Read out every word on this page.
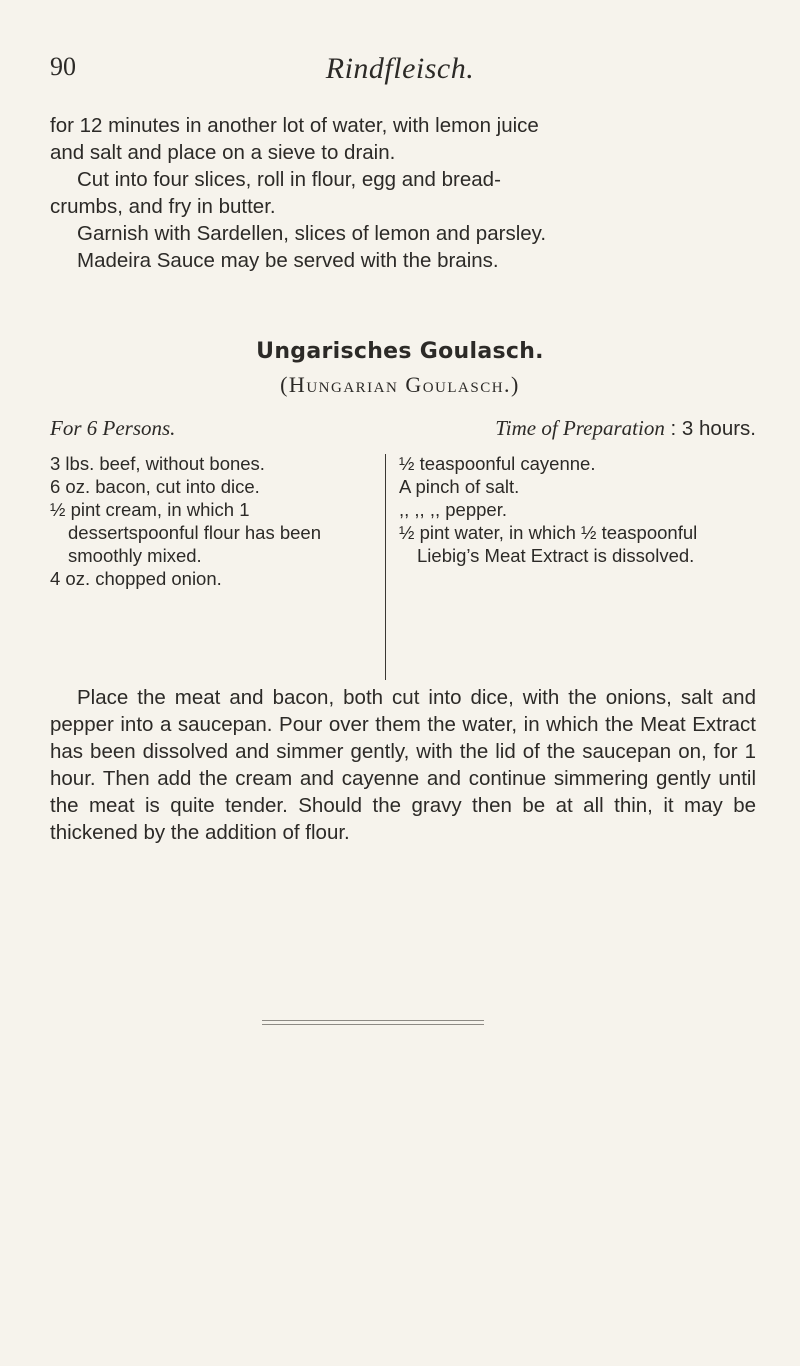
90	Rindfleisch.

for 12 minutes in another lot of water, with lemon juice
and salt and place on a sieve to drain.
Cut into four slices, roll in flour, egg and bread-
crumbs, and fry in butter.
Garnish with Sardellen, slices of lemon and parsley.
Madeira Sauce may be served with the brains.

Ungarisches Goulasch.
(Hungarian Goulasch.)
For 6 Persons.	Time of Preparation : 3 hours.

3 lbs. beef, without bones.

6 oz. bacon, cut into dice.

½ pint cream, in which 1 dessertspoonful flour has been smoothly mixed.

4 oz. chopped onion.

½ teaspoonful cayenne.

A pinch of salt.

,, ,, ,, pepper.

½ pint water, in which ½ teaspoonful Liebig’s Meat Extract is dissolved.

Place the meat and bacon, both cut into dice, with the onions, salt and pepper into a saucepan. Pour over them the water, in which the Meat Extract has been dissolved and simmer gently, with the lid of the saucepan on, for 1 hour. Then add the cream and cayenne and continue simmering gently until the meat is quite tender. Should the gravy then be at all thin, it may be thickened by the addition of flour.
